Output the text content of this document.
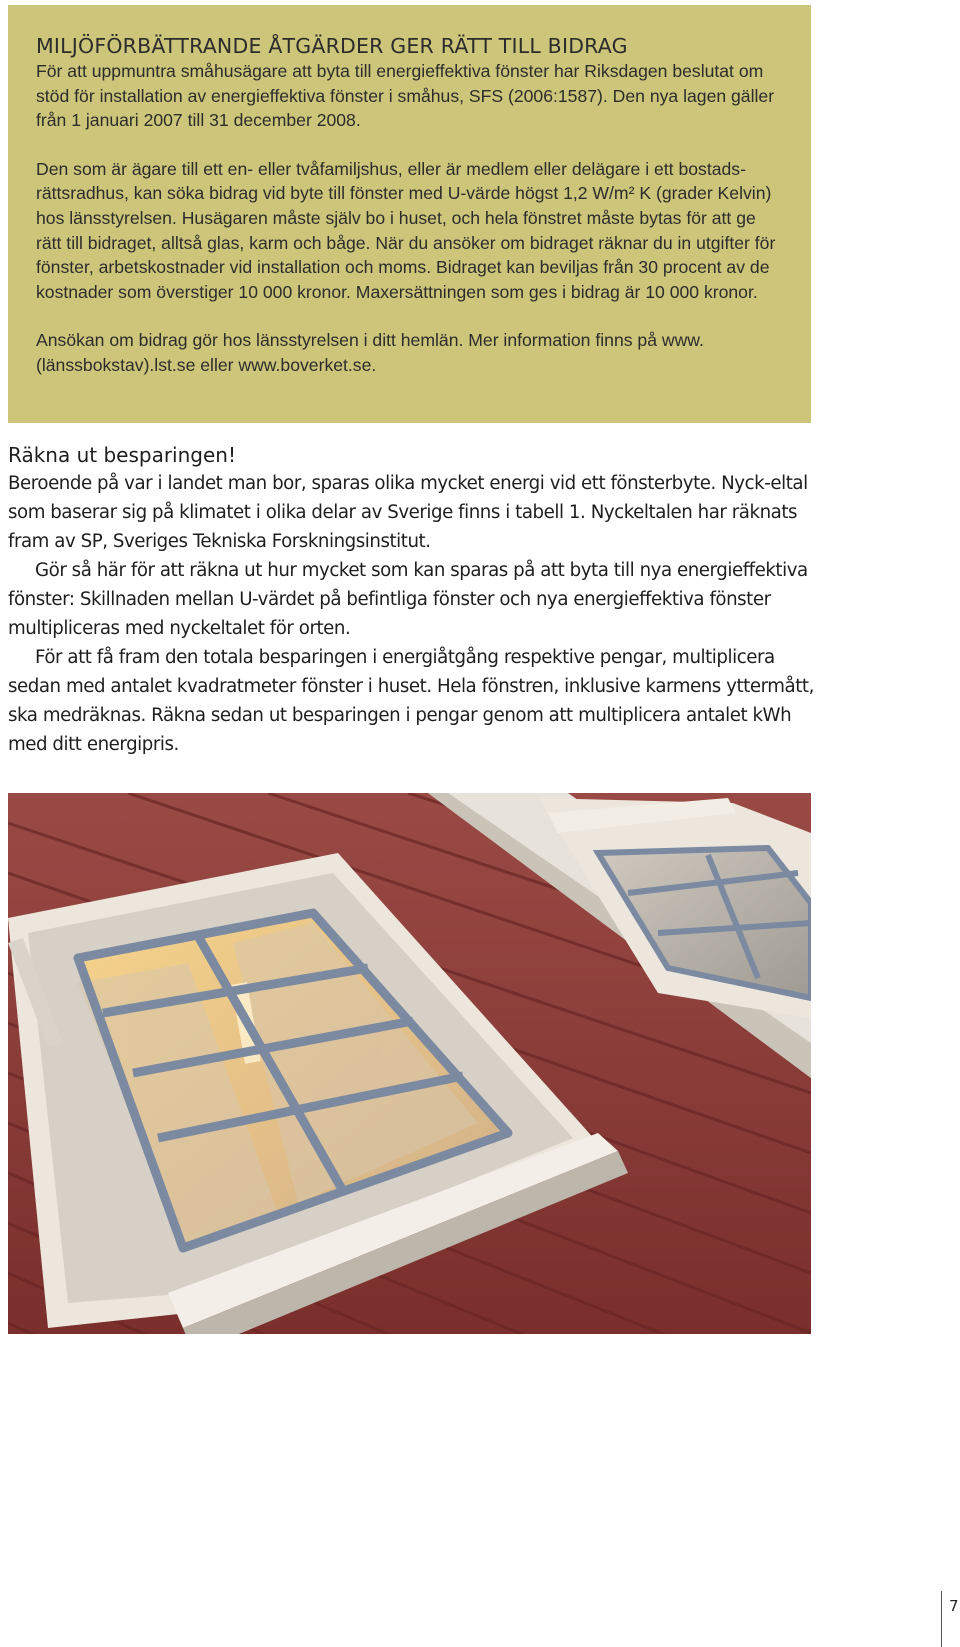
MILJÖFÖRBÄTTRANDE ÅTGÄRDER GER RÄTT TILL BIDRAG

För att uppmuntra småhusägare att byta till energieffektiva fönster har Riksdagen beslutat om stöd för installation av energieffektiva fönster i småhus, SFS (2006:1587). Den nya lagen gäller från 1 januari 2007 till 31 december 2008.

Den som är ägare till ett en- eller tvåfamiljshus, eller är medlem eller delägare i ett bostads-rättsradhus, kan söka bidrag vid byte till fönster med U-värde högst 1,2 W/m² K (grader Kelvin) hos länsstyrelsen. Husägaren måste själv bo i huset, och hela fönstret måste bytas för att ge rätt till bidraget, alltså glas, karm och båge. När du ansöker om bidraget räknar du in utgifter för fönster, arbetskostnader vid installation och moms. Bidraget kan beviljas från 30 procent av de kostnader som överstiger 10 000 kronor. Maxersättningen som ges i bidrag är 10 000 kronor.

Ansökan om bidrag gör hos länsstyrelsen i ditt hemlän. Mer information finns på www.(länssbokstav).lst.se eller www.boverket.se.

Räkna ut besparingen!

Beroende på var i landet man bor, sparas olika mycket energi vid ett fönsterbyte. Nyck-eltal som baserar sig på klimatet i olika delar av Sverige finns i tabell 1. Nyckeltalen har räknats fram av SP, Sveriges Tekniska Forskningsinstitut.

Gör så här för att räkna ut hur mycket som kan sparas på att byta till nya energieffektiva fönster: Skillnaden mellan U-värdet på befintliga fönster och nya energieffektiva fönster multipliceras med nyckeltalet för orten.

För att få fram den totala besparingen i energiåtgång respektive pengar, multiplicera sedan med antalet kvadratmeter fönster i huset. Hela fönstren, inklusive karmens yttermått, ska medräknas. Räkna sedan ut besparingen i pengar genom att multiplicera antalet kWh med ditt energipris.

7
